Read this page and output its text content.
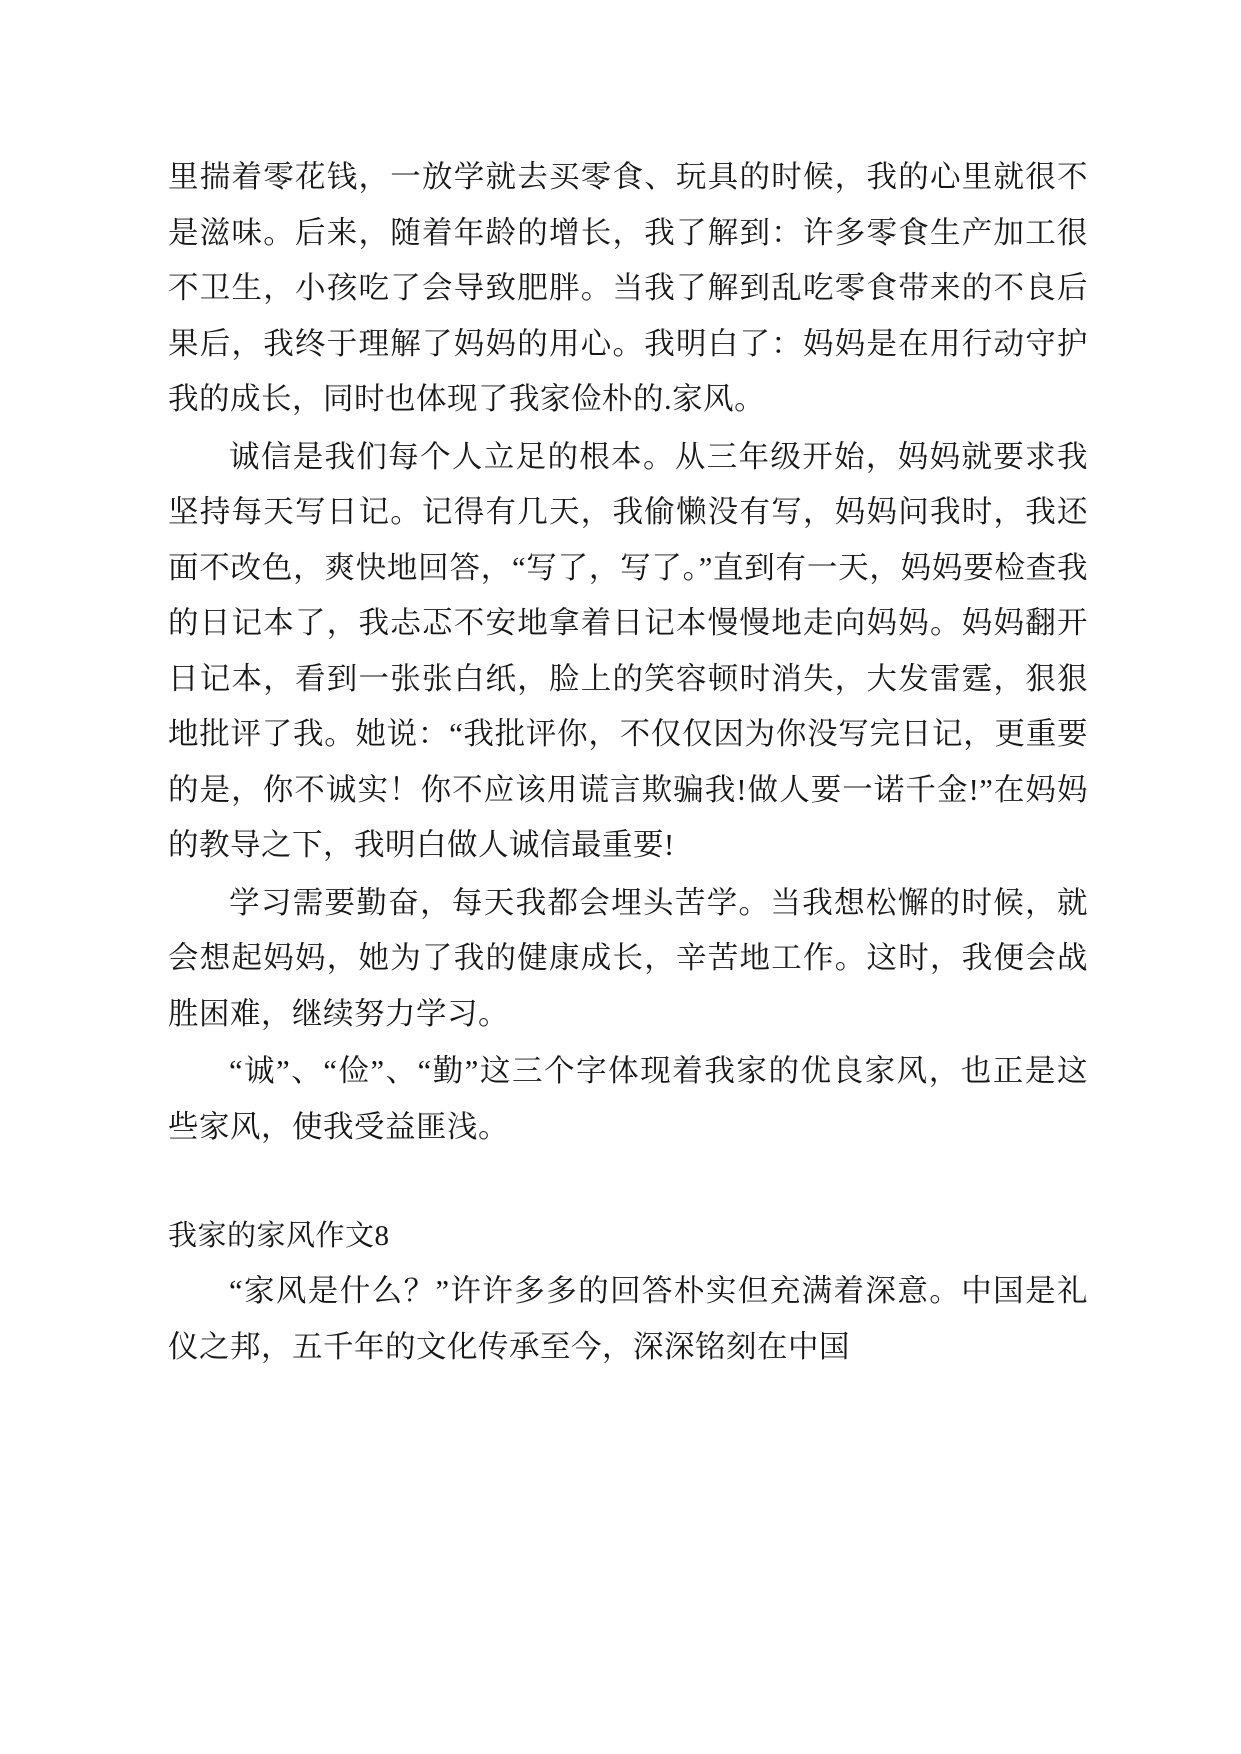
里揣着零花钱，一放学就去买零食、玩具的时候，我的心里就很不是滋味。后来，随着年龄的增长，我了解到：许多零食生产加工很不卫生，小孩吃了会导致肥胖。当我了解到乱吃零食带来的不良后果后，我终于理解了妈妈的用心。我明白了：妈妈是在用行动守护我的成长，同时也体现了我家俭朴的.家风。

诚信是我们每个人立足的根本。从三年级开始，妈妈就要求我坚持每天写日记。记得有几天，我偷懒没有写，妈妈问我时，我还面不改色，爽快地回答，“写了，写了。”直到有一天，妈妈要检查我的日记本了，我忐忑不安地拿着日记本慢慢地走向妈妈。妈妈翻开日记本，看到一张张白纸，脸上的笑容顿时消失，大发雷霆，狠狠地批评了我。她说：“我批评你，不仅仅因为你没写完日记，更重要的是，你不诚实！你不应该用谎言欺骗我!做人要一诺千金!”在妈妈的教导之下，我明白做人诚信最重要!

学习需要勤奋，每天我都会埋头苦学。当我想松懈的时候，就会想起妈妈，她为了我的健康成长，辛苦地工作。这时，我便会战胜困难，继续努力学习。

“诚”、“俭”、“勤”这三个字体现着我家的优良家风，也正是这些家风，使我受益匪浅。

我家的家风作文8

“家风是什么？”许许多多的回答朴实但充满着深意。中国是礼仪之邦，五千年的文化传承至今，深深铭刻在中国
